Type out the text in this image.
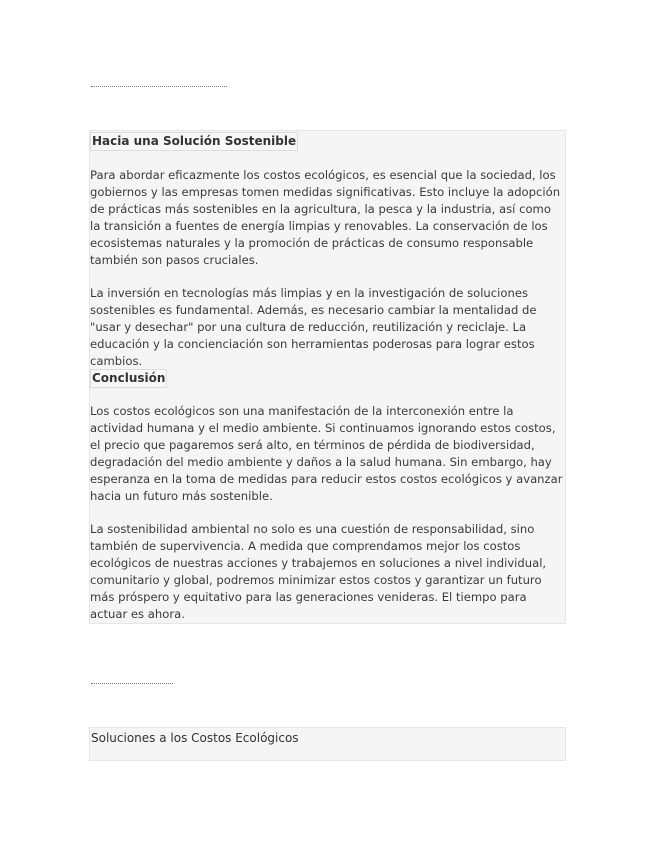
Hacia una Solución Sostenible

Para abordar eficazmente los costos ecológicos, es esencial que la sociedad, los gobiernos y las empresas tomen medidas significativas. Esto incluye la adopción de prácticas más sostenibles en la agricultura, la pesca y la industria, así como la transición a fuentes de energía limpias y renovables. La conservación de los ecosistemas naturales y la promoción de prácticas de consumo responsable también son pasos cruciales.

La inversión en tecnologías más limpias y en la investigación de soluciones sostenibles es fundamental. Además, es necesario cambiar la mentalidad de "usar y desechar" por una cultura de reducción, reutilización y reciclaje. La educación y la concienciación son herramientas poderosas para lograr estos cambios.

Conclusión

Los costos ecológicos son una manifestación de la interconexión entre la actividad humana y el medio ambiente. Si continuamos ignorando estos costos, el precio que pagaremos será alto, en términos de pérdida de biodiversidad, degradación del medio ambiente y daños a la salud humana. Sin embargo, hay esperanza en la toma de medidas para reducir estos costos ecológicos y avanzar hacia un futuro más sostenible.

La sostenibilidad ambiental no solo es una cuestión de responsabilidad, sino también de supervivencia. A medida que comprendamos mejor los costos ecológicos de nuestras acciones y trabajemos en soluciones a nivel individual, comunitario y global, podremos minimizar estos costos y garantizar un futuro más próspero y equitativo para las generaciones venideras. El tiempo para actuar es ahora.

Soluciones a los Costos Ecológicos
